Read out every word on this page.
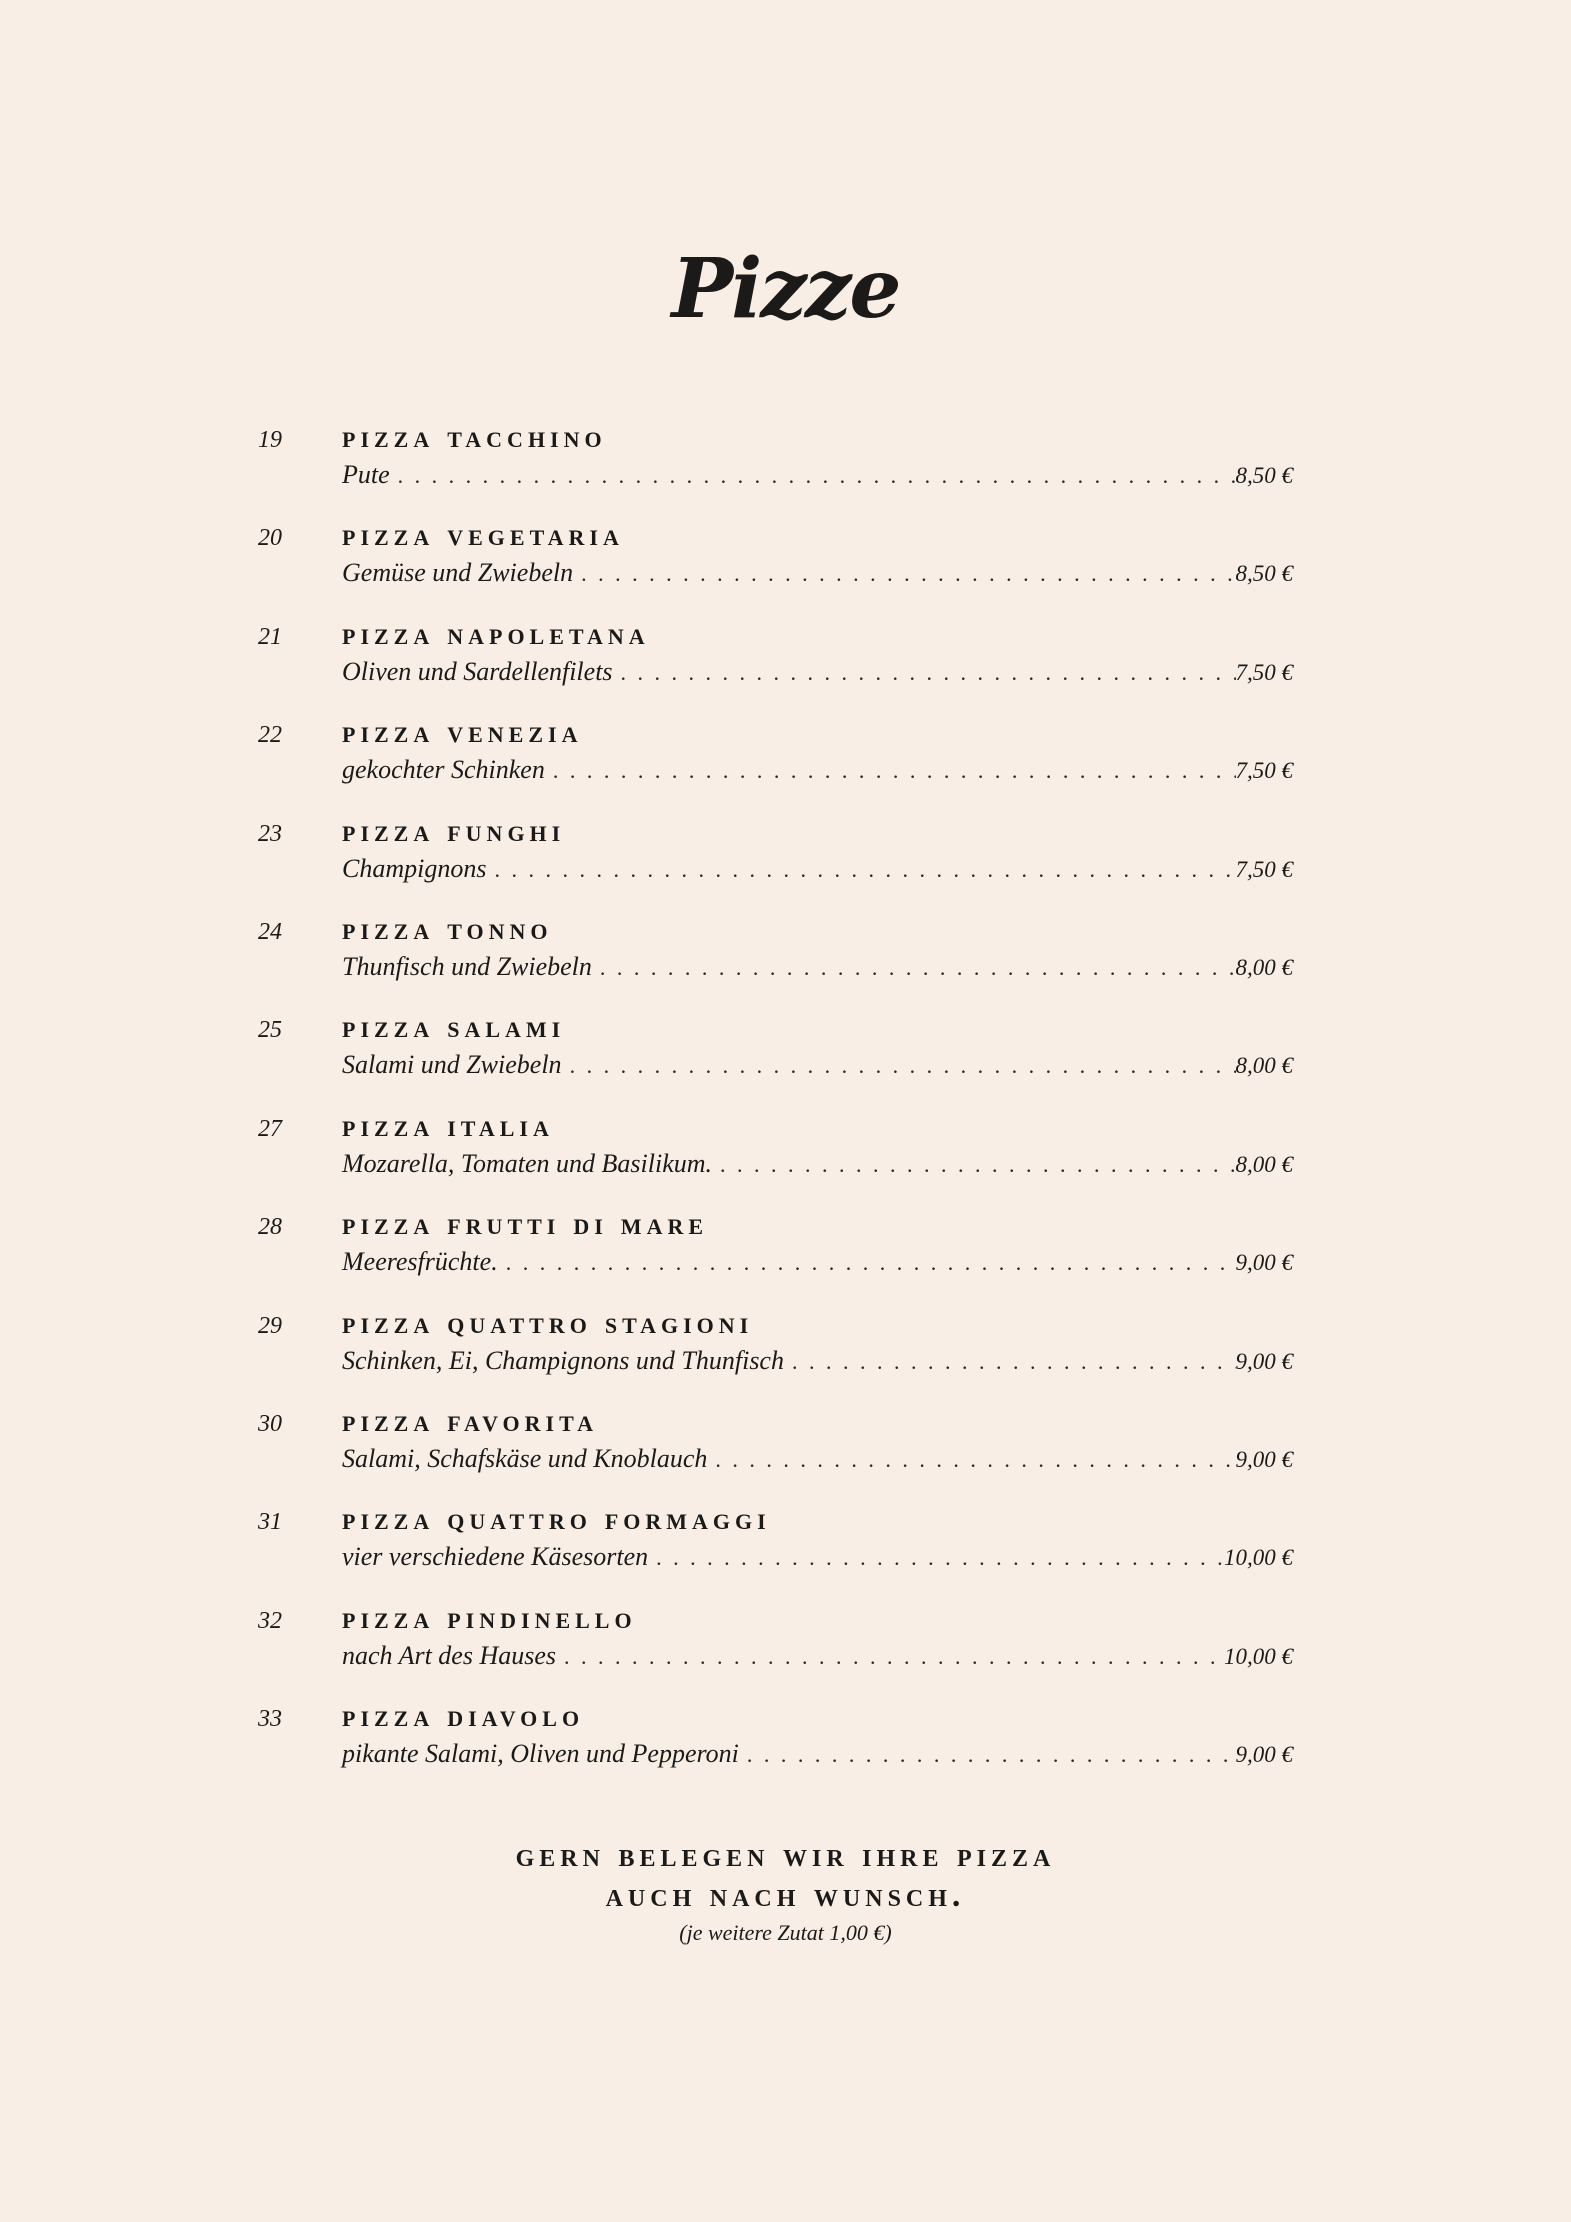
Pizze
19	pizza tacchino
Pute . . .	8,50 €
20	pizza vegetaria
Gemüse und Zwiebeln . . .	8,50 €
21	pizza napoletana
Oliven und Sardellenfilets . . .	7,50 €
22	pizza venezia
gekochter Schinken . . .	7,50 €
23	pizza funghi
Champignons . . .	7,50 €
24	pizza tonno
Thunfisch und Zwiebeln . . .	8,00 €
25	pizza salami
Salami und Zwiebeln . . .	8,00 €
27	pizza italia
Mozarella, Tomaten und Basilikum. . . .	8,00 €
28	pizza frutti di mare
Meeresfrüchte. . . .	9,00 €
29	pizza quattro stagioni
Schinken, Ei, Champignons und Thunfisch . . .	9,00 €
30	pizza favorita
Salami, Schafskäse und Knoblauch . . .	9,00 €
31	pizza quattro formaggi
vier verschiedene Käsesorten . . .	10,00 €
32	pizza pindinello
nach Art des Hauses . . .	10,00 €
33	pizza diavolo
pikante Salami, Oliven und Pepperoni . . .	9,00 €
gern belegen wir ihre pizza
auch nach wunsch.
(je weitere Zutat 1,00 €)
